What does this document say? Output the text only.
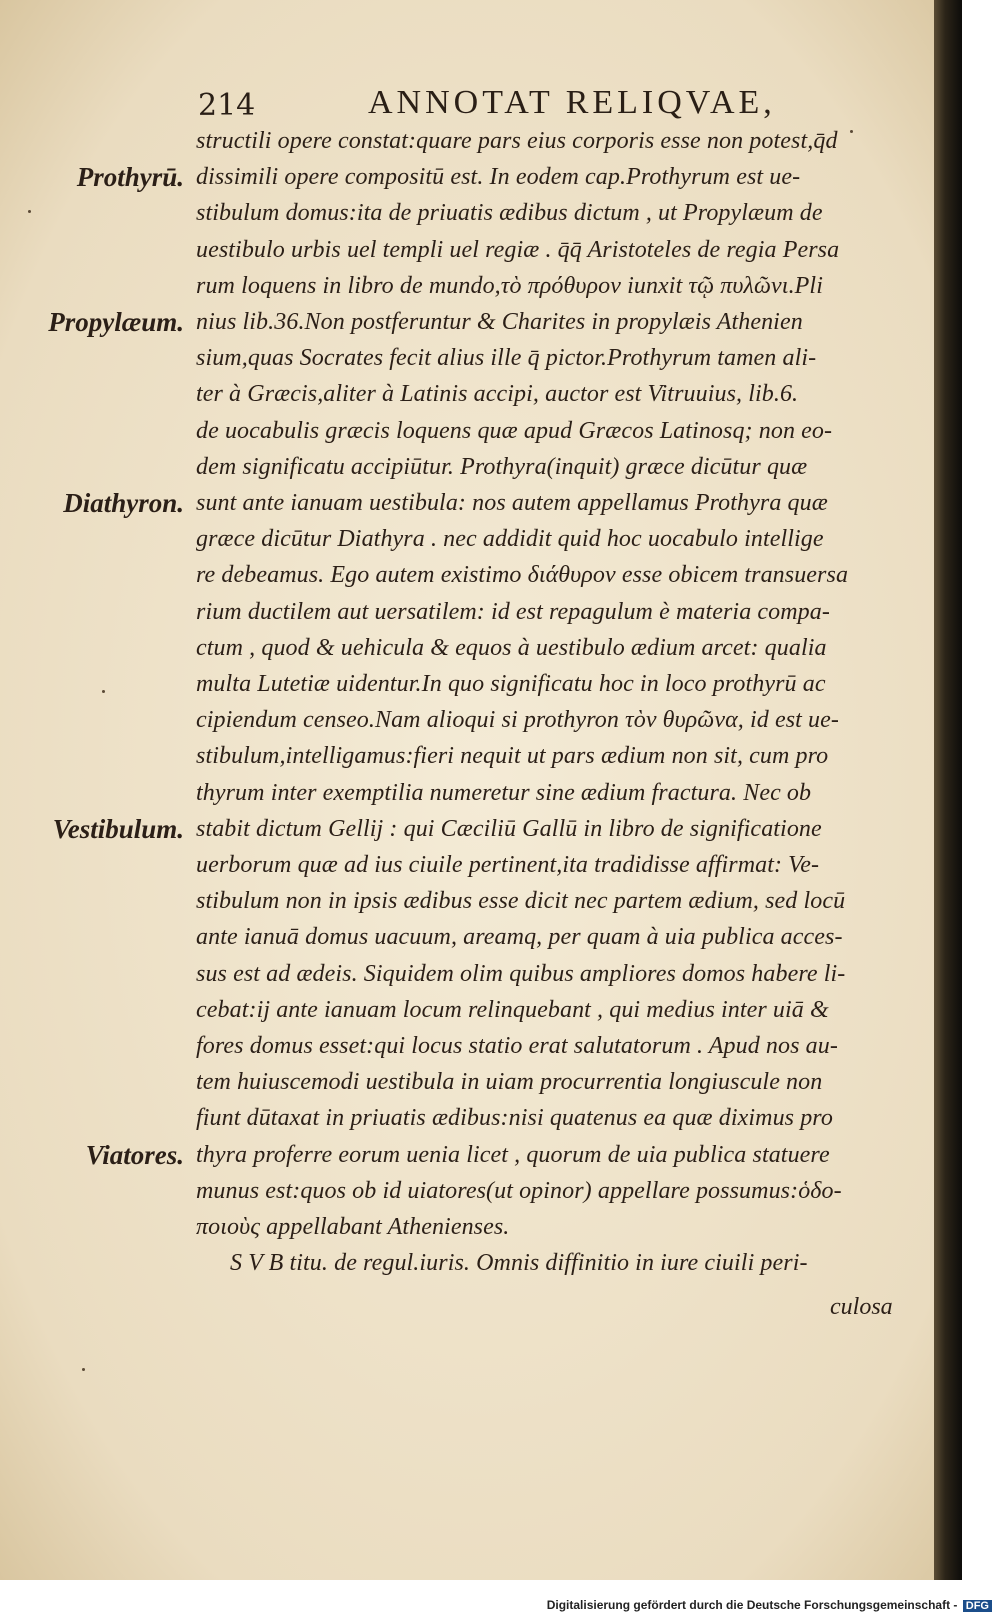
214	ANNOTAT RELIQVAE,
structili opere constat:quare pars eius corporis esse non potest,q̄d
dissimili opere compositū est. In eodem cap.Prothyrum est ue-
stibulum domus:ita de priuatis ædibus dictum , ut Propylæum de
uestibulo urbis uel templi uel regiæ . q̄q̄ Aristoteles de regia Persa
rum loquens in libro de mundo,τὸ πρόθυρον iunxit τῷ πυλῶνι.Pli
nius lib.36.Non postferuntur & Charites in propylæis Athenien
sium,quas Socrates fecit alius ille q̄ pictor.Prothyrum tamen ali-
ter à Græcis,aliter à Latinis accipi, auctor est Vitruuius, lib.6.
de uocabulis græcis loquens quæ apud Græcos Latinosq; non eo-
dem significatu accipiūtur. Prothyra(inquit) græce dicūtur quæ
sunt ante ianuam uestibula: nos autem appellamus Prothyra quæ
græce dicūtur Diathyra . nec addidit quid hoc uocabulo intellige
re debeamus. Ego autem existimo διάθυρον esse obicem transuersa
rium ductilem aut uersatilem: id est repagulum è materia compa-
ctum , quod & uehicula & equos à uestibulo ædium arcet: qualia
multa Lutetiæ uidentur.In quo significatu hoc in loco prothyrū ac
cipiendum censeo.Nam alioqui si prothyron τὸν θυρῶνα, id est ue-
stibulum,intelligamus:fieri nequit ut pars ædium non sit, cum pro
thyrum inter exemptilia numeretur sine ædium fractura. Nec ob
stabit dictum Gellij : qui Cæciliū Gallū in libro de significatione
uerborum quæ ad ius ciuile pertinent,ita tradidisse affirmat: Ve-
stibulum non in ipsis ædibus esse dicit nec partem ædium, sed locū
ante ianuā domus uacuum, areamq, per quam à uia publica acces-
sus est ad ædeis. Siquidem olim quibus ampliores domos habere li-
cebat:ij ante ianuam locum relinquebant , qui medius inter uiā &
fores domus esset:qui locus statio erat salutatorum . Apud nos au-
tem huiuscemodi uestibula in uiam procurrentia longiuscule non
fiunt dūtaxat in priuatis ædibus:nisi quatenus ea quæ diximus pro
thyra proferre eorum uenia licet , quorum de uia publica statuere
munus est:quos ob id uiatores(ut opinor) appellare possumus:ὁδο-
ποιοὺς appellabant Athenienses.
S V B titu. de regul.iuris. Omnis diffinitio in iure ciuili peri-
Prothyrū.
Propylæum.
Diathyron.
Vestibulum.
Viatores.
culosa
Digitalisierung gefördert durch die Deutsche Forschungsgemeinschaft - DFG
